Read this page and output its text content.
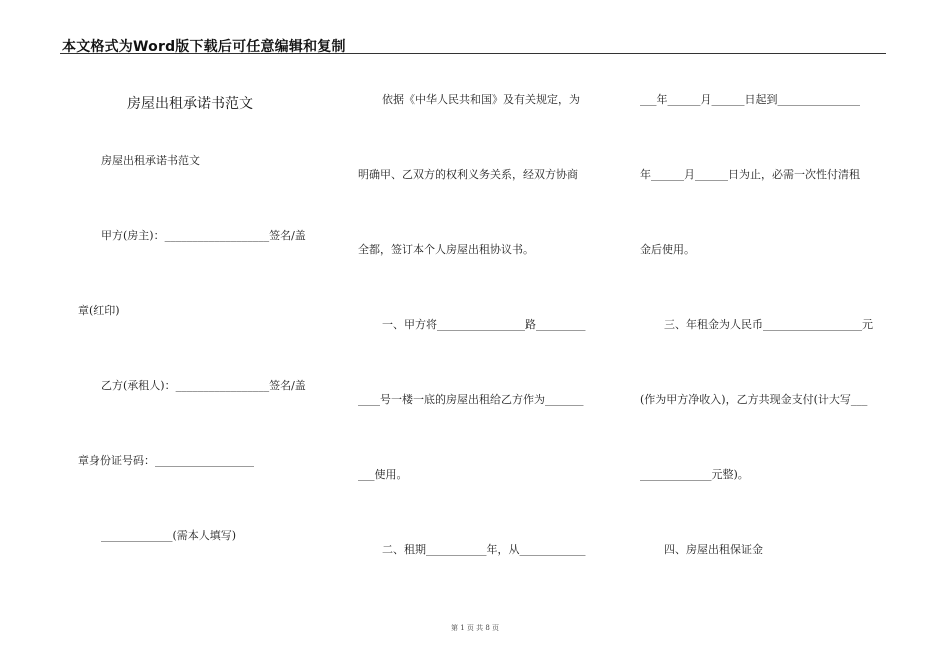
本文格式为Word版下载后可任意编辑和复制
房屋出租承诺书范文
房屋出租承诺书范文
甲方(房主)：___________________签名/盖
章(红印)
乙方(承租人)：_________________签名/盖
章身份证号码：__________________
_____________(需本人填写)
依据《中华人民共和国》及有关规定，为
明确甲、乙双方的权利义务关系，经双方协商
全都，签订本个人房屋出租协议书。
一、甲方将________________路_________
____号一楼一底的房屋出租给乙方作为_______
___使用。
二、租期___________年，从____________
___年______月______日起到_______________
年______月______日为止，必需一次性付清租
金后使用。
三、年租金为人民币__________________元
(作为甲方净收入)，乙方共现金支付(计大写___
_____________元整)。
四、房屋出租保证金
第 1 页 共 8 页
